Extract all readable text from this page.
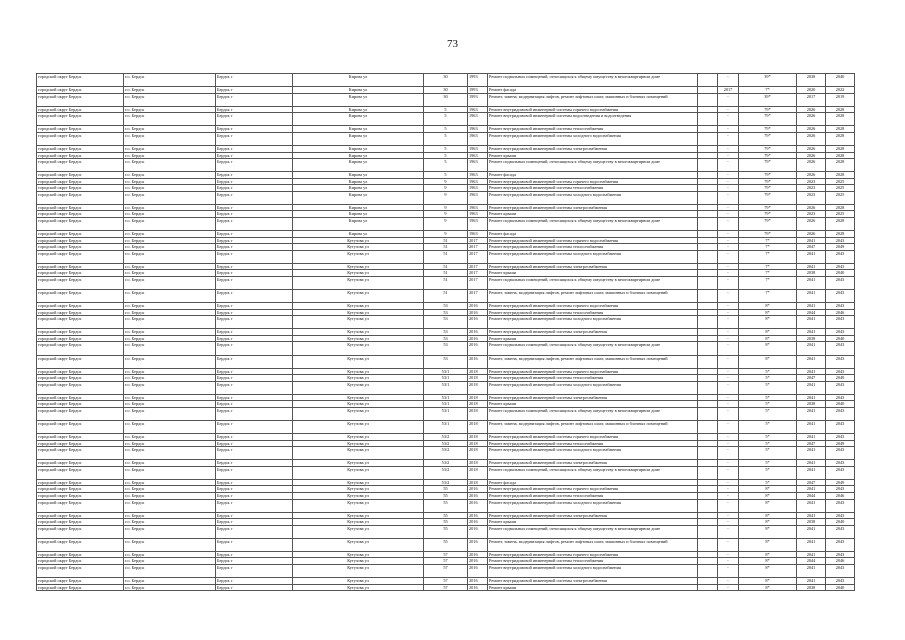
73
городской округ Бердск	г.о. Бердск	Бердск г	Кирова ул	30	1993	Ремонт подвальных помещений, относящихся к общему имуществу в многоквартирном доме		-	39*	2038	2040
городской округ Бердск	г.о. Бердск	Бердск г	Кирова ул	30	1993	Ремонт фасада		2017	7*	2020	2022
городской округ Бердск	г.о. Бердск	Бердск г	Кирова ул	30	1993	Ремонт, замена, модернизация лифтов, ремонт лифтовых шахт, машинных и блочных помещений		-	39*	2017	2019
городской округ Бердск	г.о. Бердск	Бердск г	Кирова ул	5	1963	Ремонт внутридомовой инженерной системы горячего водоснабжения		-	79*	2026	2028
городской округ Бердск	г.о. Бердск	Бердск г	Кирова ул	5	1963	Ремонт внутридомовой инженерной системы водоотведения и водоотведения		-	79*	2026	2028
городской округ Бердск	г.о. Бердск	Бердск г	Кирова ул	5	1963	Ремонт внутридомовой инженерной системы теплоснабжения		-	79*	2026	2028
городской округ Бердск	г.о. Бердск	Бердск г	Кирова ул	5	1963	Ремонт внутридомовой инженерной системы холодного водоснабжения		-	79*	2026	2028
городской округ Бердск	г.о. Бердск	Бердск г	Кирова ул	5	1963	Ремонт внутридомовой инженерной системы электроснабжения		-	79*	2026	2028
городской округ Бердск	г.о. Бердск	Бердск г	Кирова ул	5	1963	Ремонт крыши		-	79*	2026	2028
городской округ Бердск	г.о. Бердск	Бердск г	Кирова ул	5	1963	Ремонт подвальных помещений, относящихся к общему имуществу в многоквартирном доме		-	79*	2026	2028
городской округ Бердск	г.о. Бердск	Бердск г	Кирова ул	5	1963	Ремонт фасада		-	79*	2026	2028
городской округ Бердск	г.о. Бердск	Бердск г	Кирова ул	9	1963	Ремонт внутридомовой инженерной системы горячего водоснабжения		-	79*	2023	2025
городской округ Бердск	г.о. Бердск	Бердск г	Кирова ул	9	1963	Ремонт внутридомовой инженерной системы теплоснабжения		-	79*	2023	2025
городской округ Бердск	г.о. Бердск	Бердск г	Кирова ул	9	1963	Ремонт внутридомовой инженерной системы холодного водоснабжения		-	79*	2023	2025
городской округ Бердск	г.о. Бердск	Бердск г	Кирова ул	9	1963	Ремонт внутридомовой инженерной системы электроснабжения		-	79*	2026	2028
городской округ Бердск	г.о. Бердск	Бердск г	Кирова ул	9	1963	Ремонт крыши		-	79*	2023	2025
городской округ Бердск	г.о. Бердск	Бердск г	Кирова ул	9	1963	Ремонт подвальных помещений, относящихся к общему имуществу в многоквартирном доме		-	79*	2026	2028
городской округ Бердск	г.о. Бердск	Бердск г	Кирова ул	9	1963	Ремонт фасада		-	79*	2026	2028
городской округ Бердск	г.о. Бердск	Бердск г	Кутузова ул	51	2017	Ремонт внутридомовой инженерной системы горячего водоснабжения		-	7*	2041	2043
городской округ Бердск	г.о. Бердск	Бердск г	Кутузова ул	51	2017	Ремонт внутридомовой инженерной системы теплоснабжения		-	7*	2047	2049
городской округ Бердск	г.о. Бердск	Бердск г	Кутузова ул	51	2017	Ремонт внутридомовой инженерной системы холодного водоснабжения		-	7*	2041	2043
городской округ Бердск	г.о. Бердск	Бердск г	Кутузова ул	51	2017	Ремонт внутридомовой инженерной системы электроснабжения		-	7*	2041	2043
городской округ Бердск	г.о. Бердск	Бердск г	Кутузова ул	51	2017	Ремонт крыши		-	7*	2038	2040
городской округ Бердск	г.о. Бердск	Бердск г	Кутузова ул	51	2017	Ремонт подвальных помещений, относящихся к общему имуществу в многоквартирном доме		-	7*	2041	2043
городской округ Бердск	г.о. Бердск	Бердск г	Кутузова ул	51	2017	Ремонт, замена, модернизация лифтов, ремонт лифтовых шахт, машинных и блочных помещений		-	7*	2041	2043
городской округ Бердск	г.о. Бердск	Бердск г	Кутузова ул	53	2016	Ремонт внутридомовой инженерной системы горячего водоснабжения		-	8*	2041	2043
городской округ Бердск	г.о. Бердск	Бердск г	Кутузова ул	53	2016	Ремонт внутридомовой инженерной системы теплоснабжения		-	8*	2044	2046
городской округ Бердск	г.о. Бердск	Бердск г	Кутузова ул	53	2016	Ремонт внутридомовой инженерной системы холодного водоснабжения		-	8*	2041	2043
городской округ Бердск	г.о. Бердск	Бердск г	Кутузова ул	53	2016	Ремонт внутридомовой инженерной системы электроснабжения		-	8*	2041	2043
городской округ Бердск	г.о. Бердск	Бердск г	Кутузова ул	53	2016	Ремонт крыши		-	8*	2038	2040
городской округ Бердск	г.о. Бердск	Бердск г	Кутузова ул	53	2016	Ремонт подвальных помещений, относящихся к общему имуществу в многоквартирном доме		-	8*	2041	2043
городской округ Бердск	г.о. Бердск	Бердск г	Кутузова ул	53	2016	Ремонт, замена, модернизация лифтов, ремонт лифтовых шахт, машинных и блочных помещений		-	8*	2041	2043
городской округ Бердск	г.о. Бердск	Бердск г	Кутузова ул	53/1	2018	Ремонт внутридомовой инженерной системы горячего водоснабжения		-	5*	2041	2043
городской округ Бердск	г.о. Бердск	Бердск г	Кутузова ул	53/1	2018	Ремонт внутридомовой инженерной системы теплоснабжения		-	5*	2047	2049
городской округ Бердск	г.о. Бердск	Бердск г	Кутузова ул	53/1	2018	Ремонт внутридомовой инженерной системы холодного водоснабжения		-	5*	2041	2043
городской округ Бердск	г.о. Бердск	Бердск г	Кутузова ул	53/1	2018	Ремонт внутридомовой инженерной системы электроснабжения		-	5*	2041	2043
городской округ Бердск	г.о. Бердск	Бердск г	Кутузова ул	53/1	2018	Ремонт крыши		-	5*	2038	2040
городской округ Бердск	г.о. Бердск	Бердск г	Кутузова ул	53/1	2018	Ремонт подвальных помещений, относящихся к общему имуществу в многоквартирном доме		-	5*	2041	2043
городской округ Бердск	г.о. Бердск	Бердск г	Кутузова ул	53/1	2018	Ремонт, замена, модернизация лифтов, ремонт лифтовых шахт, машинных и блочных помещений		-	5*	2041	2043
городской округ Бердск	г.о. Бердск	Бердск г	Кутузова ул	53/2	2018	Ремонт внутридомовой инженерной системы горячего водоснабжения		-	5*	2041	2043
городской округ Бердск	г.о. Бердск	Бердск г	Кутузова ул	53/2	2018	Ремонт внутридомовой инженерной системы теплоснабжения		-	5*	2047	2049
городской округ Бердск	г.о. Бердск	Бердск г	Кутузова ул	53/2	2018	Ремонт внутридомовой инженерной системы холодного водоснабжения		-	5*	2041	2043
городской округ Бердск	г.о. Бердск	Бердск г	Кутузова ул	53/2	2018	Ремонт внутридомовой инженерной системы электроснабжения		-	5*	2041	2043
городской округ Бердск	г.о. Бердск	Бердск г	Кутузова ул	53/2	2018	Ремонт подвальных помещений, относящихся к общему имуществу в многоквартирном доме		-	5*	2041	2043
городской округ Бердск	г.о. Бердск	Бердск г	Кутузова ул	53/2	2018	Ремонт фасада		-	5*	2047	2049
городской округ Бердск	г.о. Бердск	Бердск г	Кутузова ул	55	2016	Ремонт внутридомовой инженерной системы горячего водоснабжения		-	8*	2041	2043
городской округ Бердск	г.о. Бердск	Бердск г	Кутузова ул	55	2016	Ремонт внутридомовой инженерной системы теплоснабжения		-	8*	2044	2046
городской округ Бердск	г.о. Бердск	Бердск г	Кутузова ул	55	2016	Ремонт внутридомовой инженерной системы холодного водоснабжения		-	8*	2041	2043
городской округ Бердск	г.о. Бердск	Бердск г	Кутузова ул	55	2016	Ремонт внутридомовой инженерной системы электроснабжения		-	8*	2041	2043
городской округ Бердск	г.о. Бердск	Бердск г	Кутузова ул	55	2016	Ремонт крыши		-	8*	2038	2040
городской округ Бердск	г.о. Бердск	Бердск г	Кутузова ул	55	2016	Ремонт подвальных помещений, относящихся к общему имуществу в многоквартирном доме		-	8*	2041	2043
городской округ Бердск	г.о. Бердск	Бердск г	Кутузова ул	55	2016	Ремонт, замена, модернизация лифтов, ремонт лифтовых шахт, машинных и блочных помещений		-	8*	2041	2043
городской округ Бердск	г.о. Бердск	Бердск г	Кутузова ул	57	2016	Ремонт внутридомовой инженерной системы горячего водоснабжения		-	8*	2041	2043
городской округ Бердск	г.о. Бердск	Бердск г	Кутузова ул	57	2016	Ремонт внутридомовой инженерной системы теплоснабжения		-	8*	2044	2046
городской округ Бердск	г.о. Бердск	Бердск г	Кутузова ул	57	2016	Ремонт внутридомовой инженерной системы холодного водоснабжения		-	8*	2041	2043
городской округ Бердск	г.о. Бердск	Бердск г	Кутузова ул	57	2016	Ремонт внутридомовой инженерной системы электроснабжения		-	8*	2041	2043
городской округ Бердск	г.о. Бердск	Бердск г	Кутузова ул	57	2016	Ремонт крыши		-	8*	2038	2040
